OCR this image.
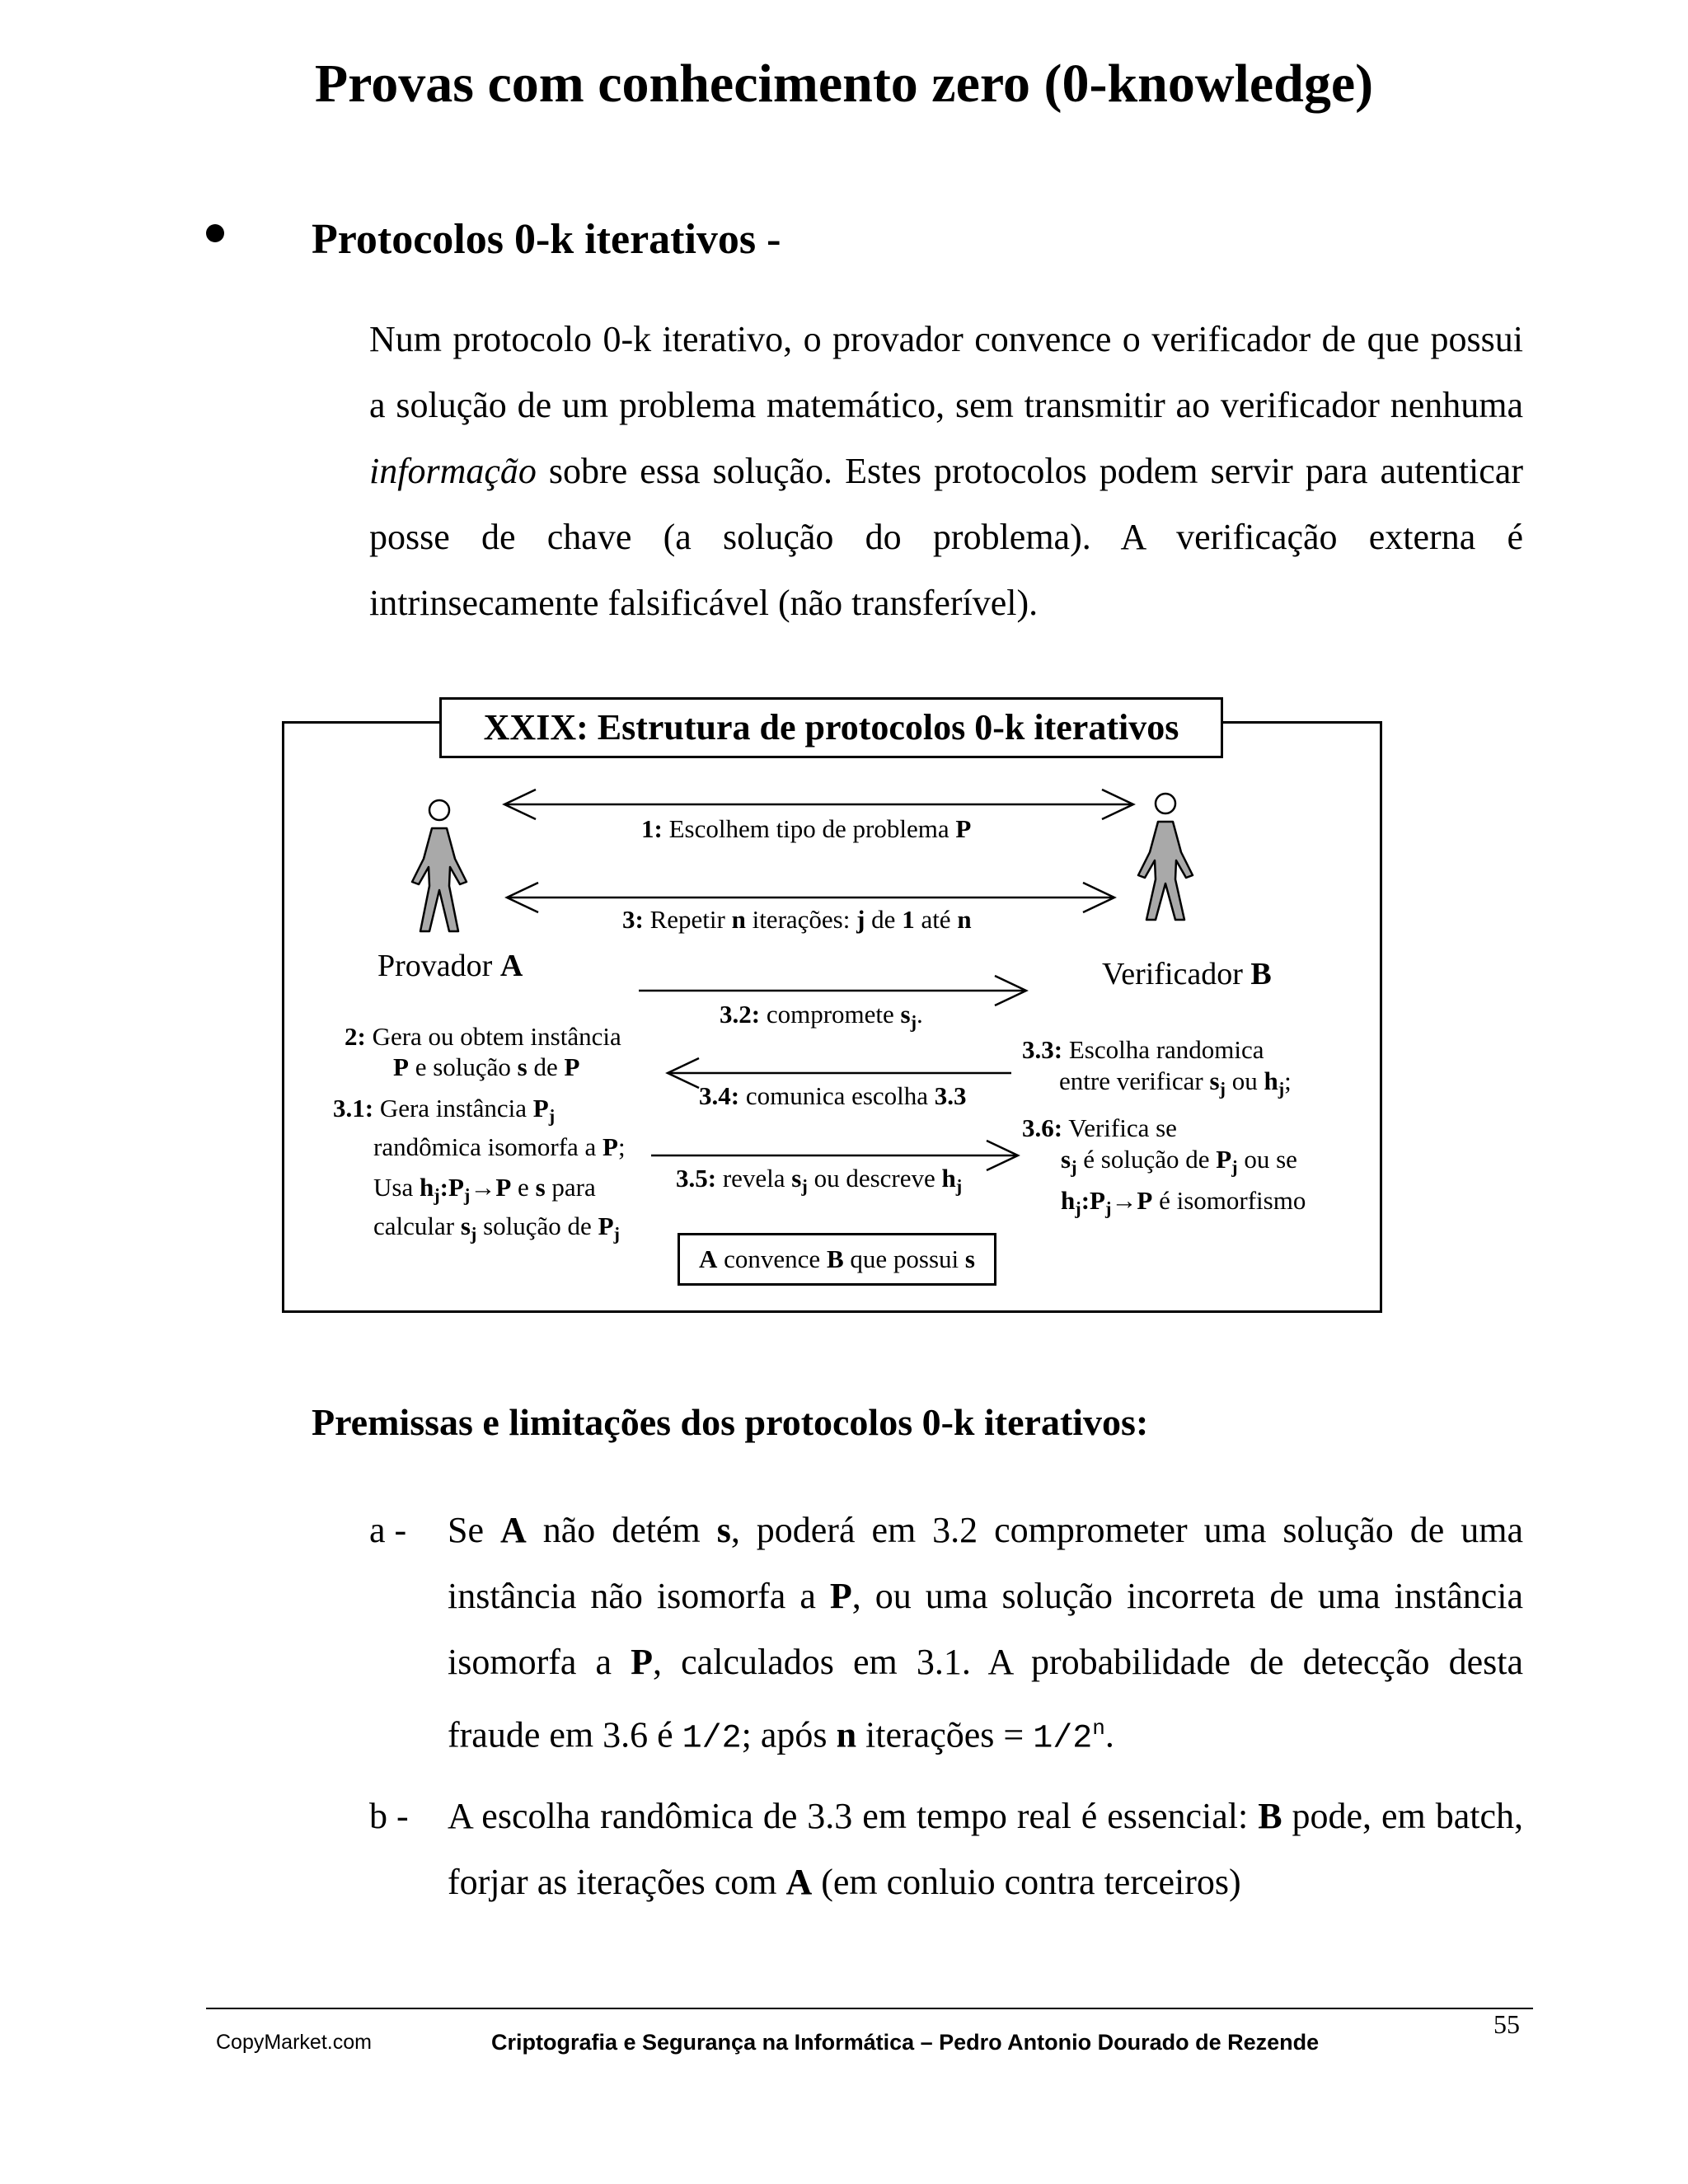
Provas com conhecimento zero (0-knowledge)
Protocolos 0-k iterativos -
Num protocolo 0-k iterativo, o provador convence o verificador de que possui a solução de um problema matemático, sem transmitir ao verificador nenhuma informação sobre essa solução. Estes protocolos podem servir para autenticar posse de chave (a solução do problema). A verificação externa é intrinsecamente falsificável (não transferível).
XXIX: Estrutura de protocolos 0-k iterativos
1: Escolhem tipo de problema P
3: Repetir n iterações: j de 1 até n
Provador A	Verificador B
3.2: compromete $s_j$.
2: Gera ou obtem instância
P e solução s de P
3.3: Escolha randomica
entre verificar $s_j$ ou $h_j$;
3.1: Gera instância $P_j$
randômica isomorfa a P;
Usa $h_j:P_j\to P$ e s para
calcular $s_j$ solução de $P_j$
3.4: comunica escolha 3.3
3.6: Verifica se
$s_j$ é solução de $P_j$ ou se
$h_j:P_j\to P$ é isomorfismo
3.5: revela $s_j$ ou descreve $h_j$
A convence B que possui s
Premissas e limitações dos protocolos 0-k iterativos:
a - Se A não detém s, poderá em 3.2 comprometer uma solução de uma instância não isomorfa a P, ou uma solução incorreta de uma instância isomorfa a P, calculados em 3.1. A probabilidade de detecção desta fraude em 3.6 é 1/2; após n iterações = $1/2^n$.
b - A escolha randômica de 3.3 em tempo real é essencial: B pode, em batch, forjar as iterações com A (em conluio contra terceiros)
CopyMarket.com	Criptografia e Segurança na Informática – Pedro Antonio Dourado de Rezende
55
